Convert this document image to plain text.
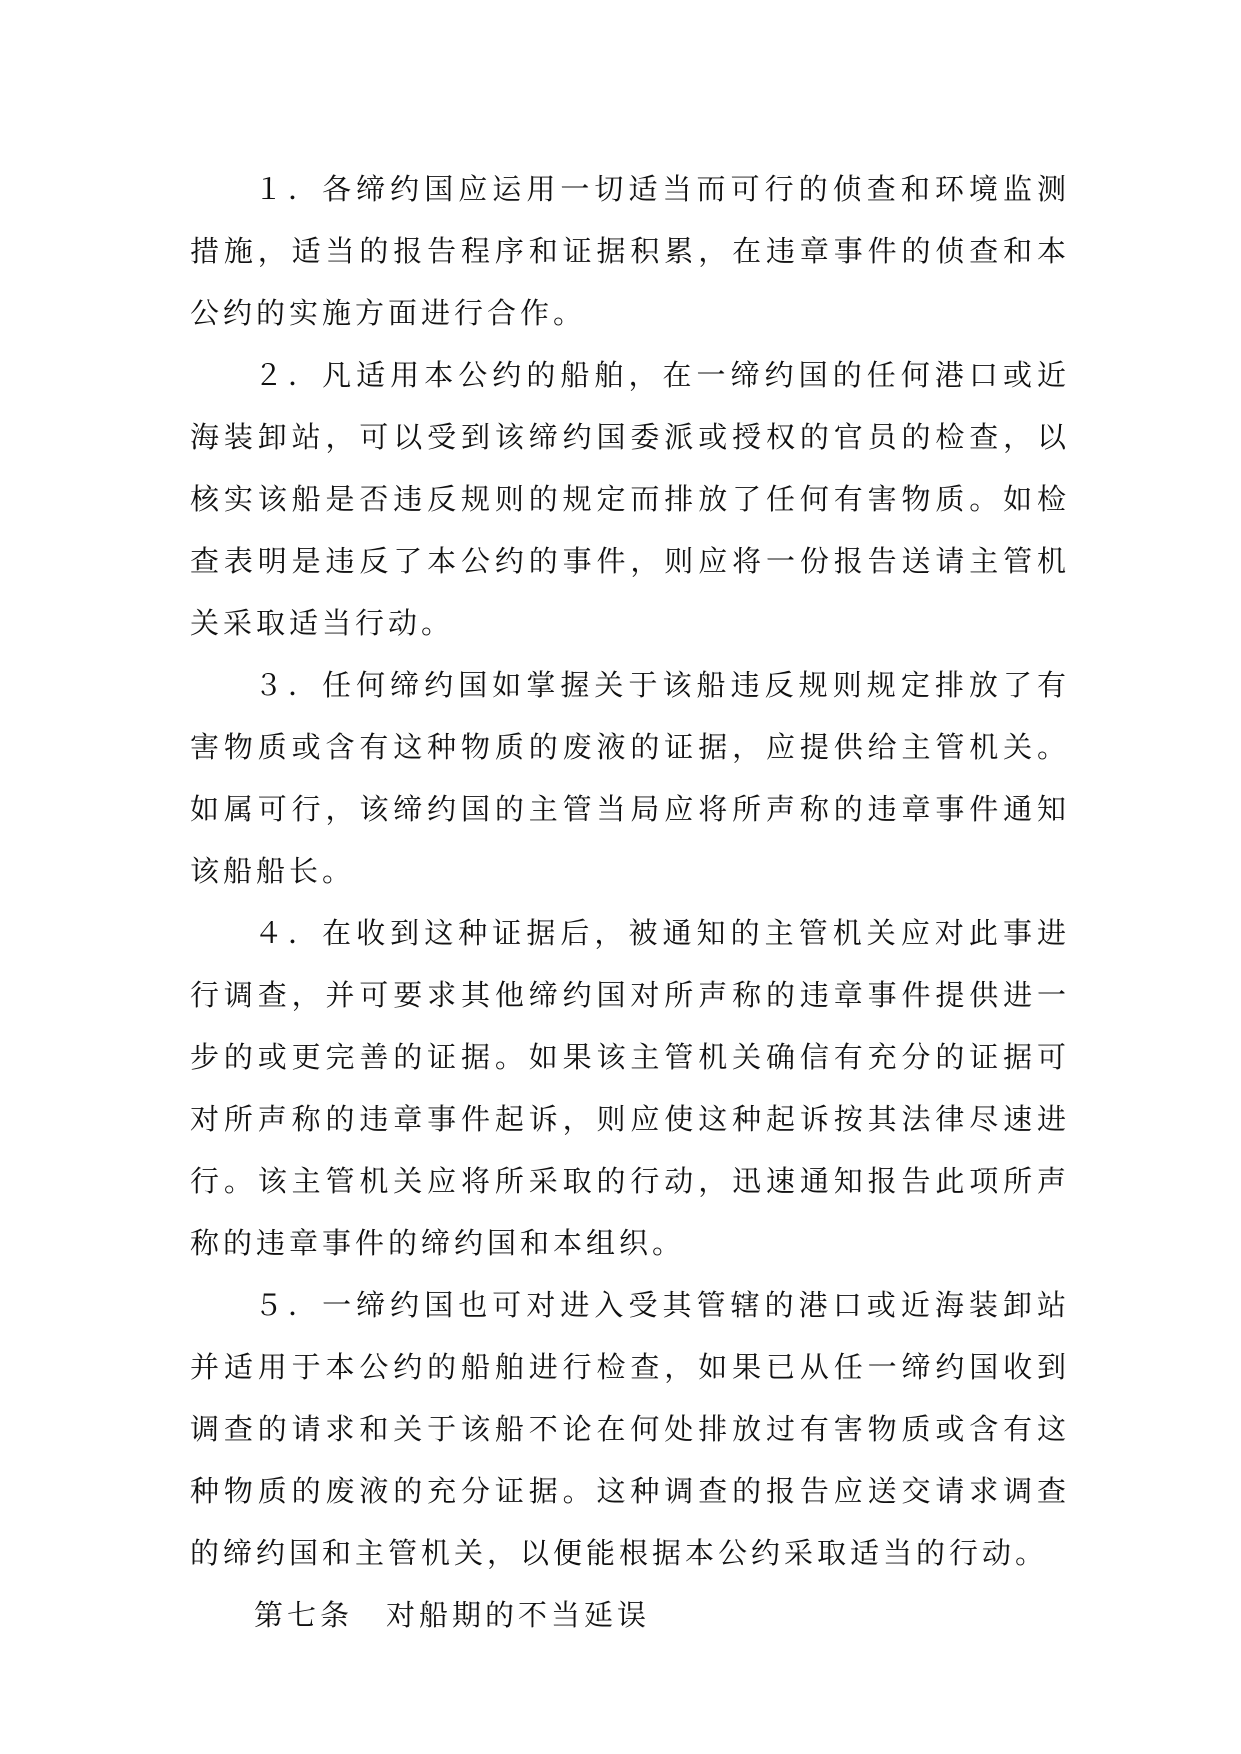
１．各缔约国应运用一切适当而可行的侦查和环境监测措施，适当的报告程序和证据积累，在违章事件的侦查和本公约的实施方面进行合作。

２．凡适用本公约的船舶，在一缔约国的任何港口或近海装卸站，可以受到该缔约国委派或授权的官员的检查，以核实该船是否违反规则的规定而排放了任何有害物质。如检查表明是违反了本公约的事件，则应将一份报告送请主管机关采取适当行动。

３．任何缔约国如掌握关于该船违反规则规定排放了有害物质或含有这种物质的废液的证据，应提供给主管机关。如属可行，该缔约国的主管当局应将所声称的违章事件通知该船船长。

４．在收到这种证据后，被通知的主管机关应对此事进行调查，并可要求其他缔约国对所声称的违章事件提供进一步的或更完善的证据。如果该主管机关确信有充分的证据可对所声称的违章事件起诉，则应使这种起诉按其法律尽速进行。该主管机关应将所采取的行动，迅速通知报告此项所声称的违章事件的缔约国和本组织。

５．一缔约国也可对进入受其管辖的港口或近海装卸站并适用于本公约的船舶进行检查，如果已从任一缔约国收到调查的请求和关于该船不论在何处排放过有害物质或含有这种物质的废液的充分证据。这种调查的报告应送交请求调查的缔约国和主管机关，以便能根据本公约采取适当的行动。

第七条　对船期的不当延误
